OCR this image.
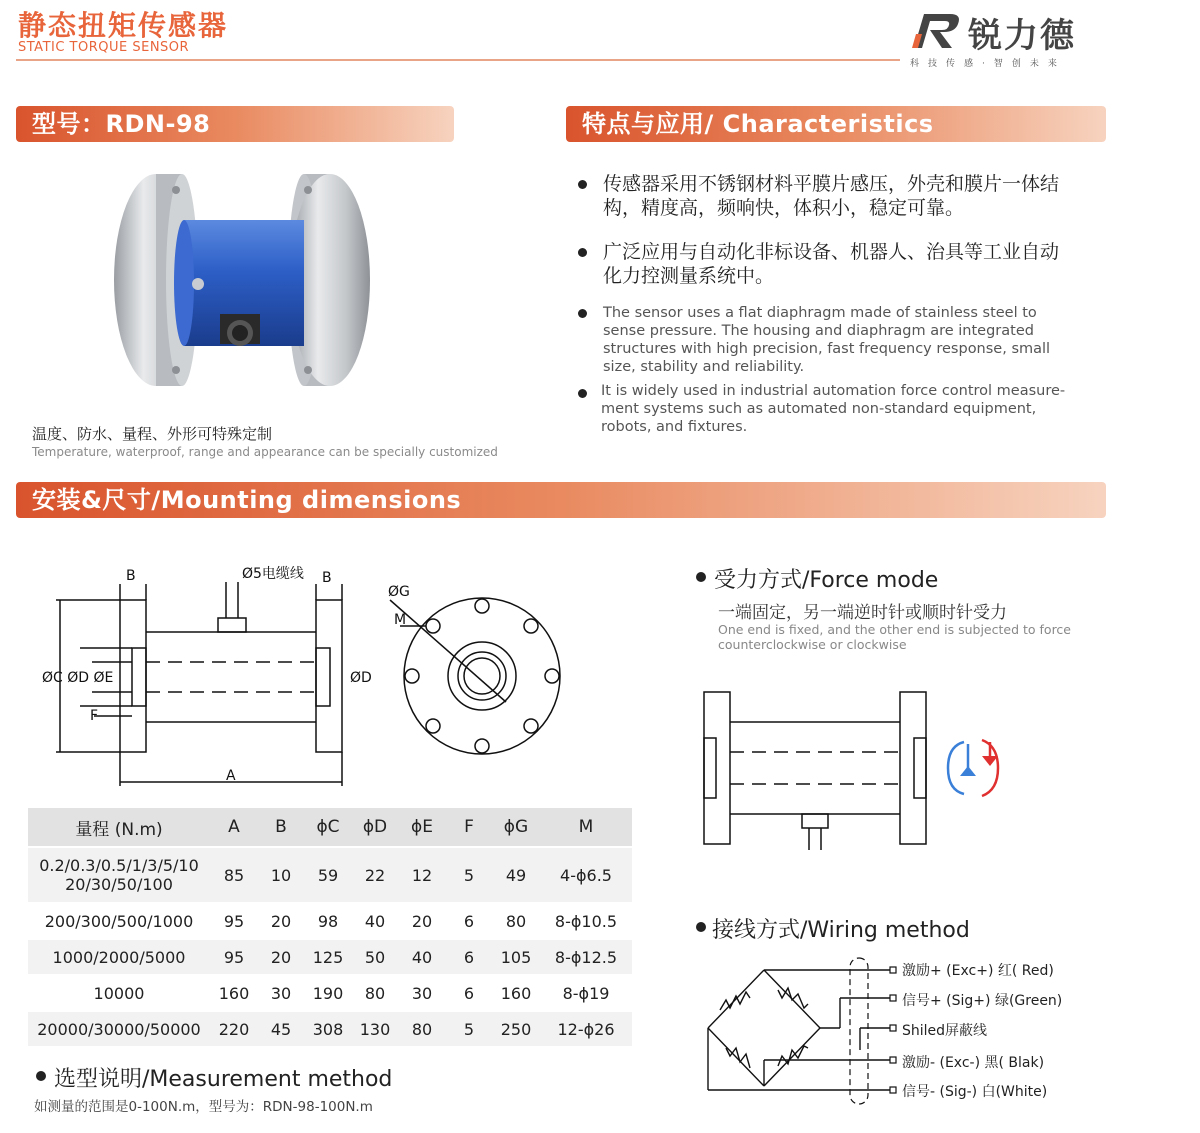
静态扭矩传感器
STATIC TORQUE SENSOR	锐力德
科技传感·智创未来
型号：RDN-98	特点与应用/ Characteristics
安装&尺寸/Mounting dimensions
温度、防水、量程、外形可特殊定制
Temperature, waterproof, range and appearance can be specially customized
传感器采用不锈钢材料平膜片感压，外壳和膜片一体结构，精度高，频响快，体积小，稳定可靠。
广泛应用与自动化非标设备、机器人、治具等工业自动化力控测量系统中。
The sensor uses a flat diaphragm made of stainless steel to sense pressure. The housing and diaphragm are integrated structures with high precision, fast frequency response, small size, stability and reliability.
It is widely used in industrial automation force control measure-ment systems such as automated non-standard equipment, robots, and fixtures.
B	Ø5电缆线 B
ØC ØD ØE	ØD
F
A
ØG
M
量程 (N.m)	A	B	ϕC	ϕD	ϕE	F	ϕG	M
0.2/0.3/0.5/1/3/5/10
20/30/50/100	85	10	59	22	12	5	49	4-ϕ6.5
200/300/500/1000	95	20	98	40	20	6	80	8-ϕ10.5
1000/2000/5000	95	20	125	50	40	6	105	8-ϕ12.5
10000	160	30	190	80	30	6	160	8-ϕ19
20000/30000/50000	220	45	308	130	80	5	250	12-ϕ26
选型说明/Measurement method
如测量的范围是0-100N.m，型号为：RDN-98-100N.m
受力方式/Force mode
一端固定，另一端逆时针或顺时针受力
One end is fixed, and the other end is subjected to force counterclockwise or clockwise
接线方式/Wiring method
激励+ (Exc+) 红( Red)
信号+ (Sig+) 绿(Green)
Shiled屏蔽线
激励- (Exc-) 黑( Blak)
信号- (Sig-) 白(White)
